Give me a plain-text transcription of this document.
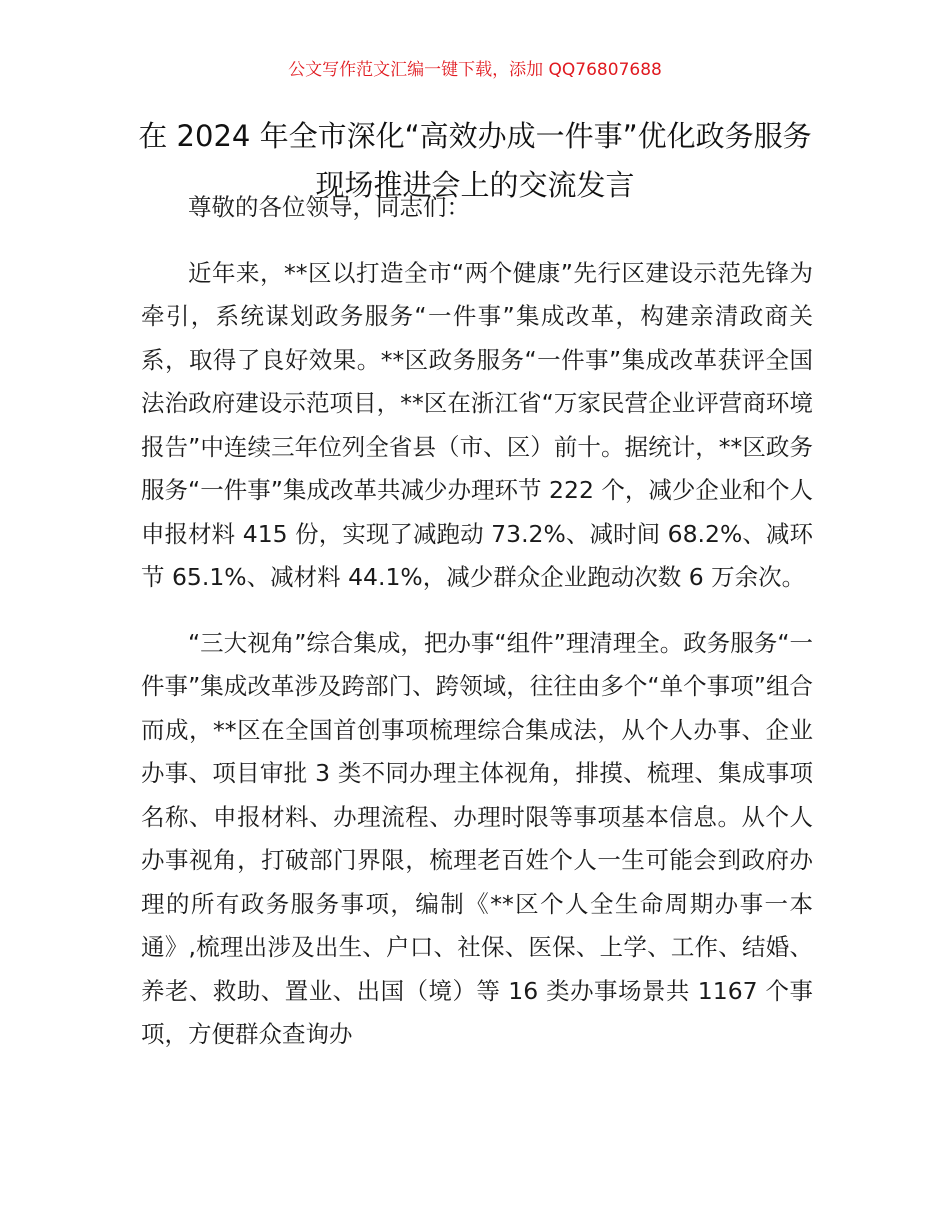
公文写作范文汇编一键下载，添加 QQ76807688
在 2024 年全市深化“高效办成一件事”优化政务服务现场推进会上的交流发言

尊敬的各位领导，同志们：

近年来，**区以打造全市“两个健康”先行区建设示范先锋为牵引，系统谋划政务服务“一件事”集成改革，构建亲清政商关系，取得了良好效果。**区政务服务“一件事”集成改革获评全国法治政府建设示范项目，**区在浙江省“万家民营企业评营商环境报告”中连续三年位列全省县（市、区）前十。据统计，**区政务服务“一件事”集成改革共减少办理环节 222 个，减少企业和个人申报材料 415 份，实现了减跑动 73.2%、减时间 68.2%、减环节 65.1%、减材料 44.1%，减少群众企业跑动次数 6 万余次。

“三大视角”综合集成，把办事“组件”理清理全。政务服务“一件事”集成改革涉及跨部门、跨领域，往往由多个“单个事项”组合而成，**区在全国首创事项梳理综合集成法，从个人办事、企业办事、项目审批 3 类不同办理主体视角，排摸、梳理、集成事项名称、申报材料、办理流程、办理时限等事项基本信息。从个人办事视角，打破部门界限，梳理老百姓个人一生可能会到政府办理的所有政务服务事项，编制《**区个人全生命周期办事一本通》,梳理出涉及出生、户口、社保、医保、上学、工作、结婚、养老、救助、置业、出国（境）等 16 类办事场景共 1167 个事项，方便群众查询办
